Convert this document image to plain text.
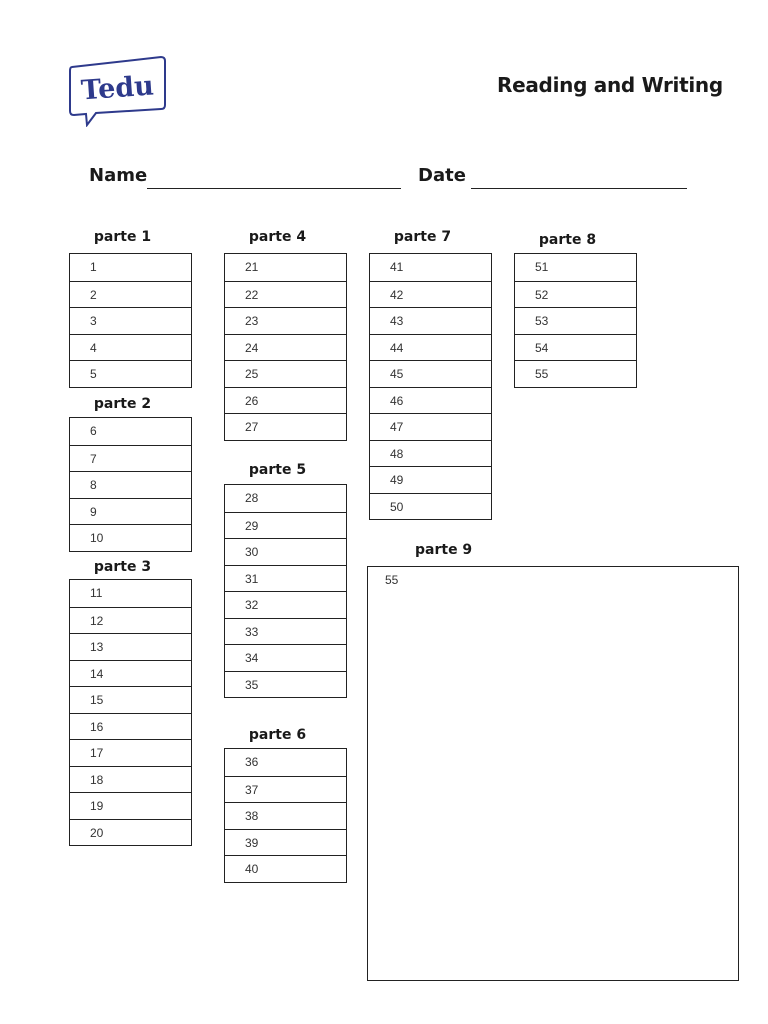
Tedu	Reading and Writing
Name	Date
parte 1
1
2
3
4
5
parte 2
6
7
8
9
10
parte 3
11
12
13
14
15
16
17
18
19
20
parte 4
21
22
23
24
25
26
27
parte 5
28
29
30
31
32
33
34
35
parte 6
36
37
38
39
40
parte 7
41
42
43
44
45
46
47
48
49
50
parte 8
51
52
53
54
55
parte 9
55
